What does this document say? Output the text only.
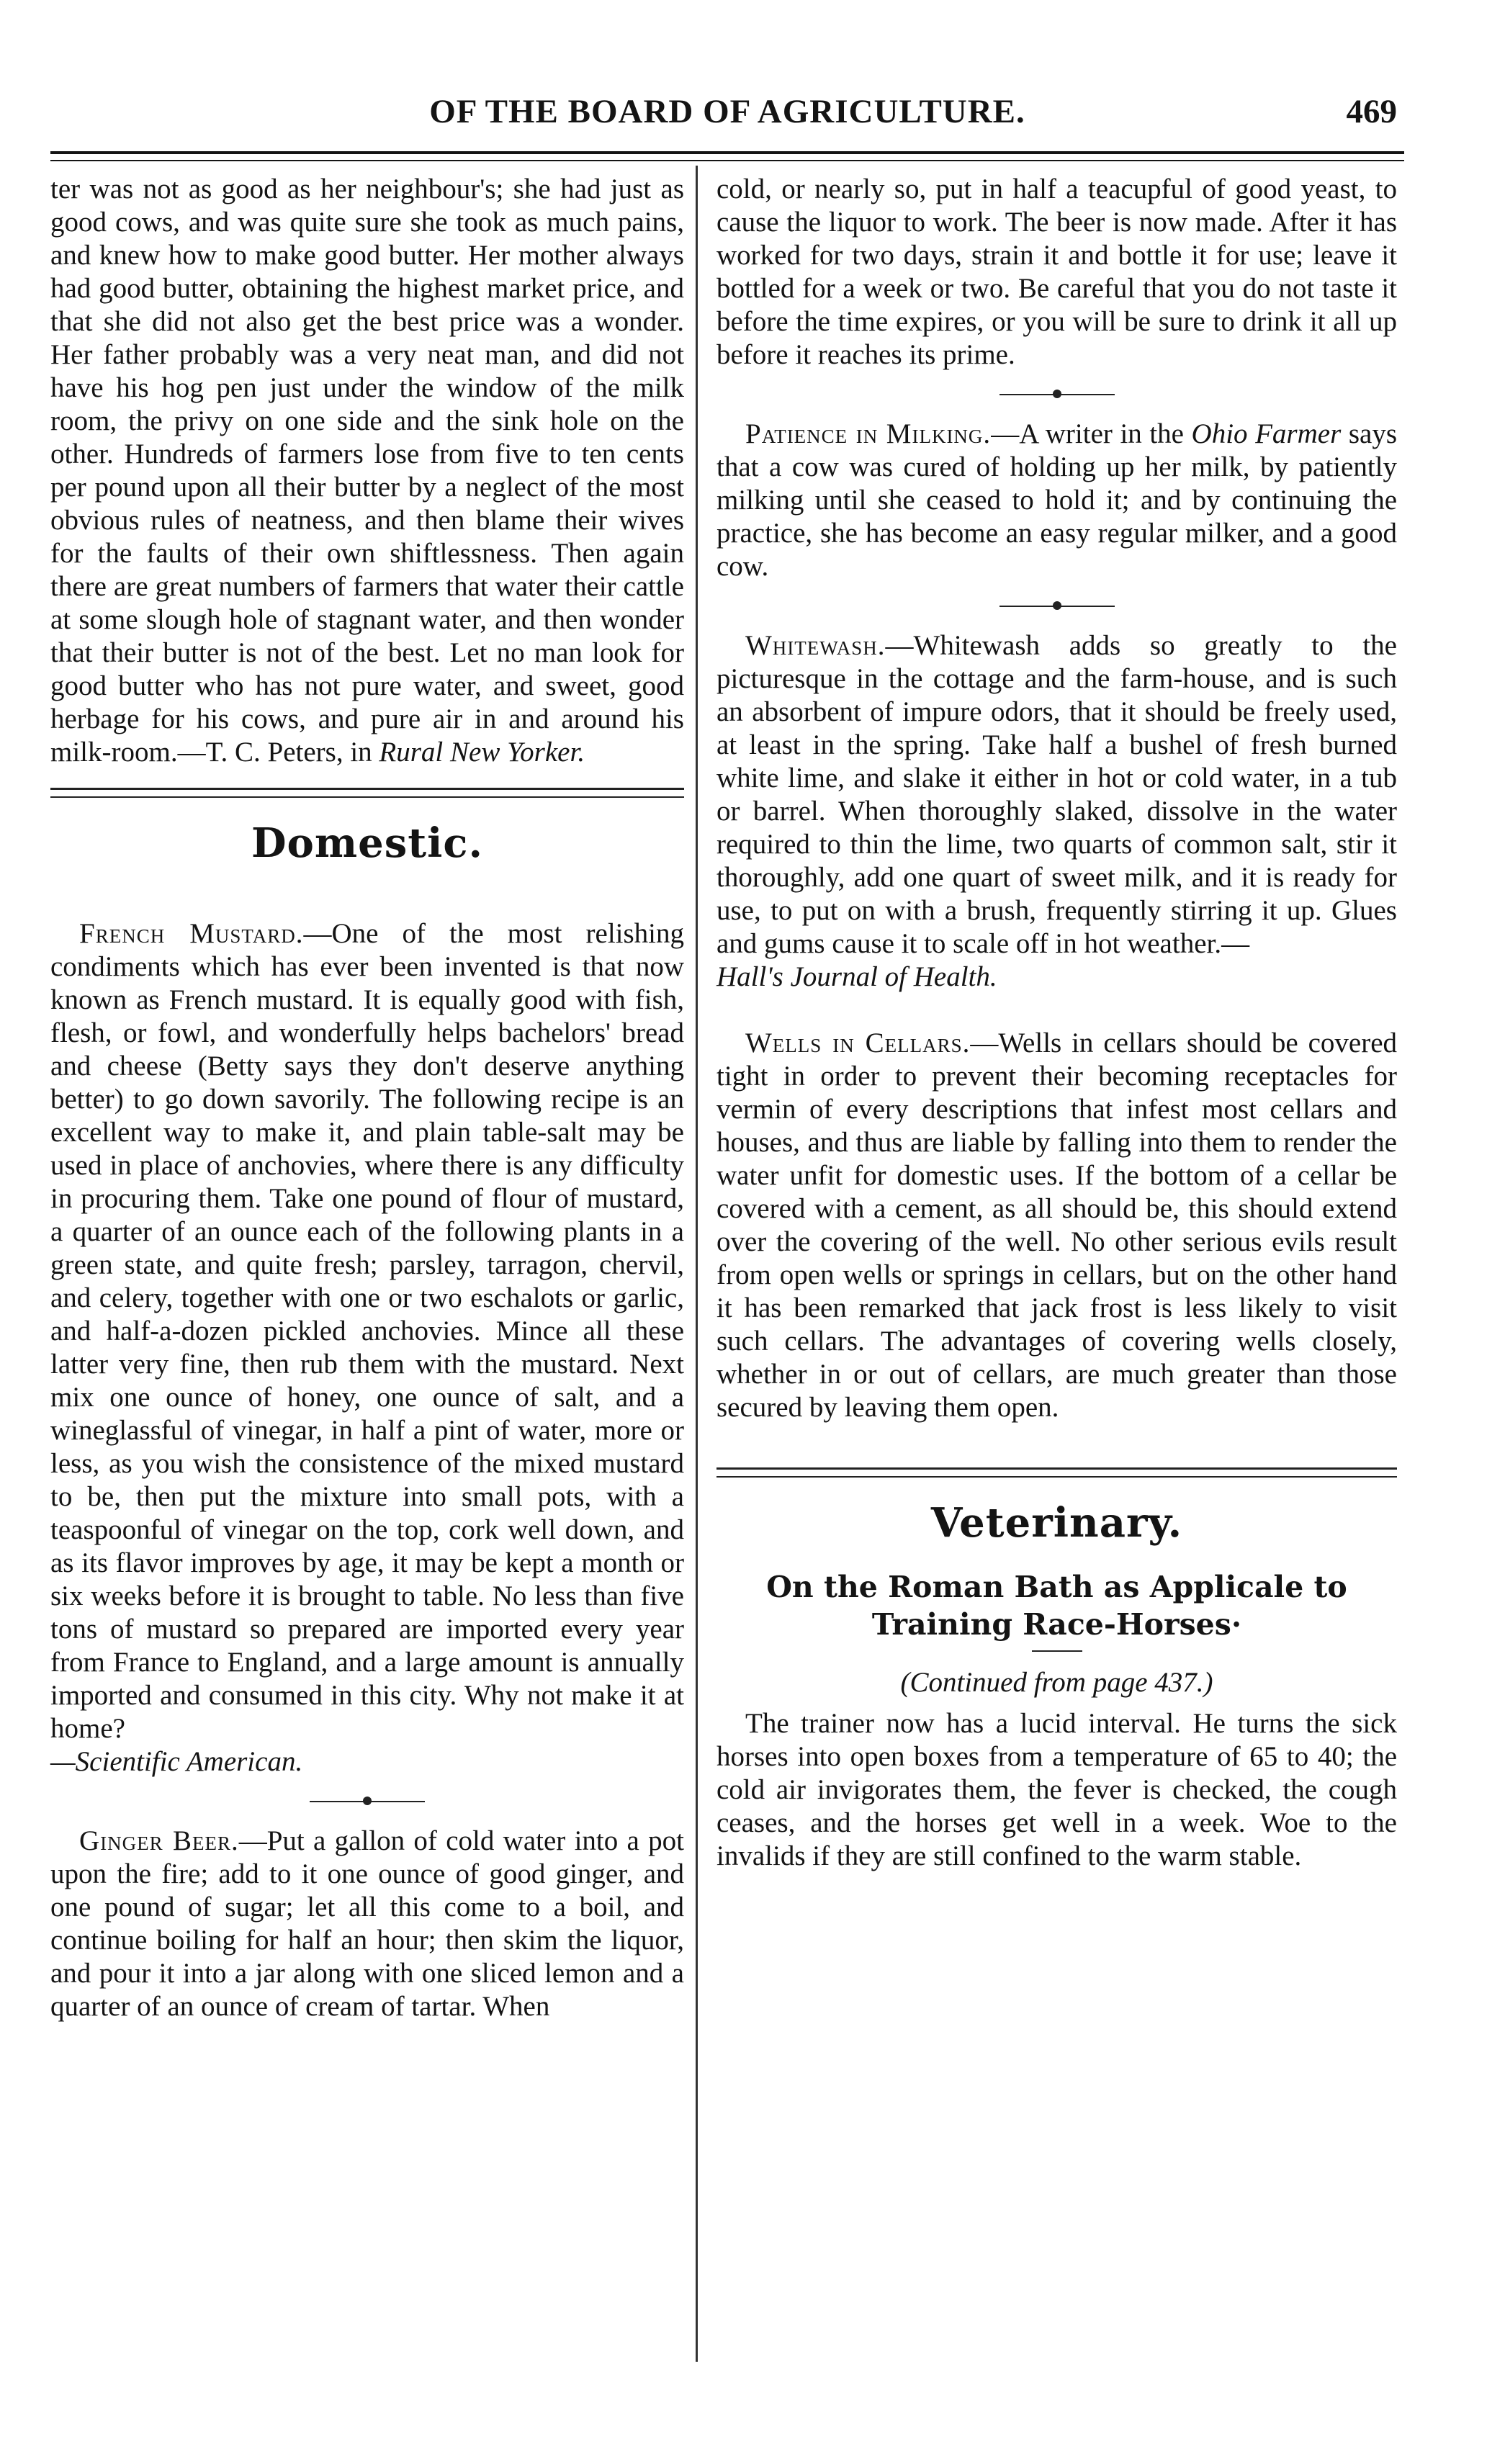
OF THE BOARD OF AGRICULTURE.	469

ter was not as good as her neighbour's; she had just as good cows, and was quite sure she took as much pains, and knew how to make good butter. Her mother always had good butter, obtaining the highest market price, and that she did not also get the best price was a wonder. Her father probably was a very neat man, and did not have his hog pen just under the window of the milk room, the privy on one side and the sink hole on the other. Hundreds of farmers lose from five to ten cents per pound upon all their butter by a neglect of the most obvious rules of neatness, and then blame their wives for the faults of their own shiftlessness. Then again there are great numbers of farmers that water their cattle at some slough hole of stagnant water, and then wonder that their butter is not of the best. Let no man look for good butter who has not pure water, and sweet, good herbage for his cows, and pure air in and around his milk-room.—T. C. Peters, in Rural New Yorker.

Domestic.

French Mustard.—One of the most relishing condiments which has ever been invented is that now known as French mustard. It is equally good with fish, flesh, or fowl, and wonderfully helps bachelors' bread and cheese (Betty says they don't deserve anything better) to go down savorily. The following recipe is an excellent way to make it, and plain table-salt may be used in place of anchovies, where there is any difficulty in procuring them. Take one pound of flour of mustard, a quarter of an ounce each of the following plants in a green state, and quite fresh; parsley, tarragon, chervil, and celery, together with one or two eschalots or garlic, and half-a-dozen pickled anchovies. Mince all these latter very fine, then rub them with the mustard. Next mix one ounce of honey, one ounce of salt, and a wineglassful of vinegar, in half a pint of water, more or less, as you wish the consistence of the mixed mustard to be, then put the mixture into small pots, with a teaspoonful of vinegar on the top, cork well down, and as its flavor improves by age, it may be kept a month or six weeks before it is brought to table. No less than five tons of mustard so prepared are imported every year from France to England, and a large amount is annually imported and consumed in this city. Why not make it at home?
—Scientific American.

Ginger Beer.—Put a gallon of cold water into a pot upon the fire; add to it one ounce of good ginger, and one pound of sugar; let all this come to a boil, and continue boiling for half an hour; then skim the liquor, and pour it into a jar along with one sliced lemon and a quarter of an ounce of cream of tartar. When

cold, or nearly so, put in half a teacupful of good yeast, to cause the liquor to work. The beer is now made. After it has worked for two days, strain it and bottle it for use; leave it bottled for a week or two. Be careful that you do not taste it before the time expires, or you will be sure to drink it all up before it reaches its prime.

Patience in Milking.—A writer in the Ohio Farmer says that a cow was cured of holding up her milk, by patiently milking until she ceased to hold it; and by continuing the practice, she has become an easy regular milker, and a good cow.

Whitewash.—Whitewash adds so greatly to the picturesque in the cottage and the farm-house, and is such an absorbent of impure odors, that it should be freely used, at least in the spring. Take half a bushel of fresh burned white lime, and slake it either in hot or cold water, in a tub or barrel. When thoroughly slaked, dissolve in the water required to thin the lime, two quarts of common salt, stir it thoroughly, add one quart of sweet milk, and it is ready for use, to put on with a brush, frequently stirring it up. Glues and gums cause it to scale off in hot weather.—
Hall's Journal of Health.

Wells in Cellars.—Wells in cellars should be covered tight in order to prevent their becoming receptacles for vermin of every descriptions that infest most cellars and houses, and thus are liable by falling into them to render the water unfit for domestic uses. If the bottom of a cellar be covered with a cement, as all should be, this should extend over the covering of the well. No other serious evils result from open wells or springs in cellars, but on the other hand it has been remarked that jack frost is less likely to visit such cellars. The advantages of covering wells closely, whether in or out of cellars, are much greater than those secured by leaving them open.

Veterinary.
On the Roman Bath as Applicale to Training Race-Horses·
(Continued from page 437.)

The trainer now has a lucid interval. He turns the sick horses into open boxes from a temperature of 65 to 40; the cold air invigorates them, the fever is checked, the cough ceases, and the horses get well in a week. Woe to the invalids if they are still confined to the warm stable.
